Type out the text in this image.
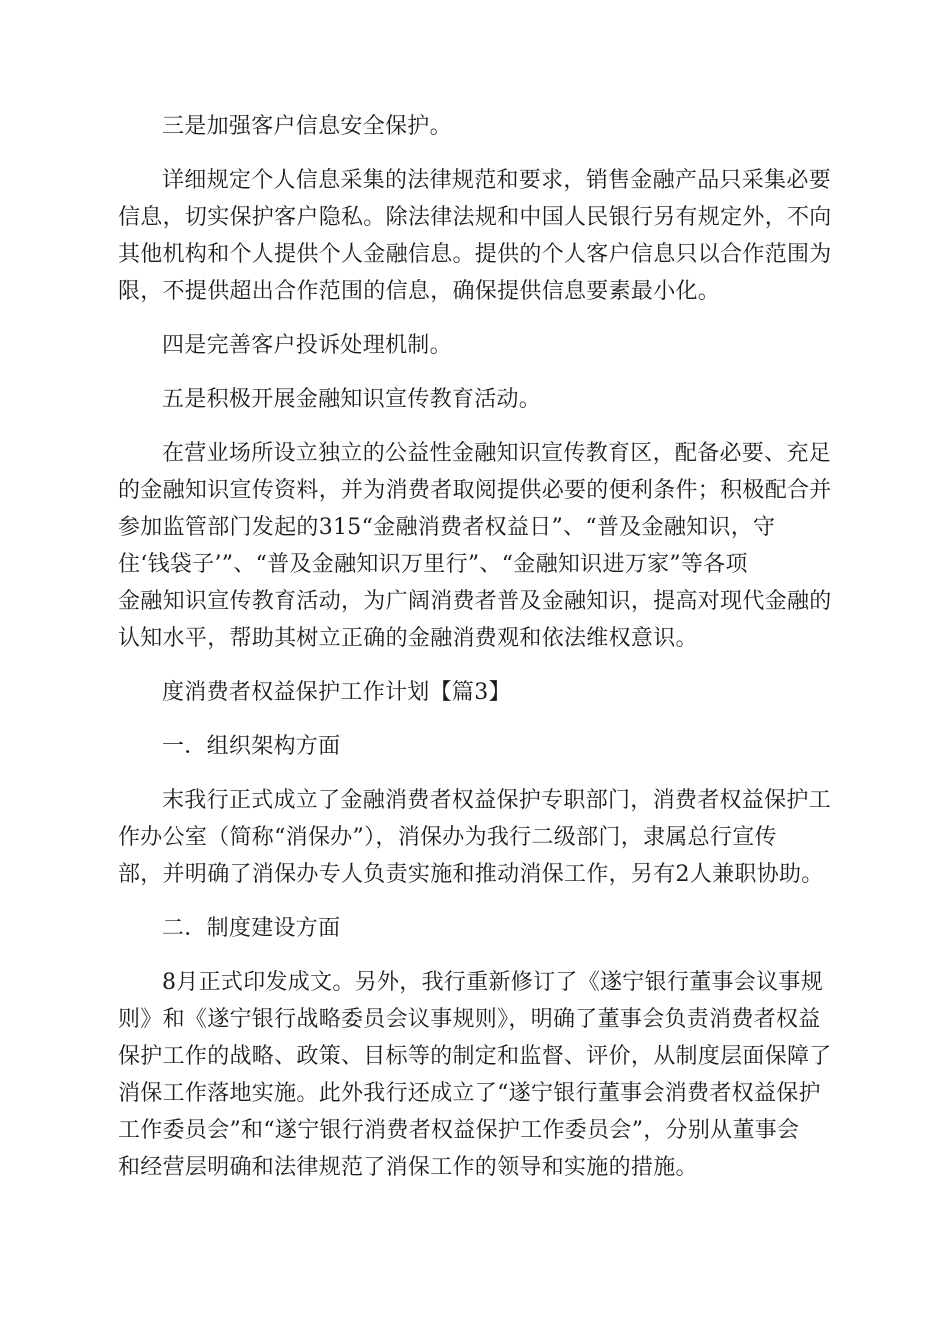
三是加强客户信息安全保护。
详细规定个人信息采集的法律规范和要求，销售金融产品只采集必要
信息，切实保护客户隐私。除法律法规和中国人民银行另有规定外，不向
其他机构和个人提供个人金融信息。提供的个人客户信息只以合作范围为
限，不提供超出合作范围的信息，确保提供信息要素最小化。
四是完善客户投诉处理机制。
五是积极开展金融知识宣传教育活动。
在营业场所设立独立的公益性金融知识宣传教育区，配备必要、充足
的金融知识宣传资料，并为消费者取阅提供必要的便利条件；积极配合并
参加监管部门发起的315“金融消费者权益日”、“普及金融知识，守
住‘钱袋子’”、“普及金融知识万里行”、“金融知识进万家”等各项
金融知识宣传教育活动，为广阔消费者普及金融知识，提高对现代金融的
认知水平，帮助其树立正确的金融消费观和依法维权意识。
度消费者权益保护工作计划【篇3】
一．组织架构方面
末我行正式成立了金融消费者权益保护专职部门，消费者权益保护工
作办公室（简称“消保办”），消保办为我行二级部门，隶属总行宣传
部，并明确了消保办专人负责实施和推动消保工作，另有2人兼职协助。
二．制度建设方面
8月正式印发成文。另外，我行重新修订了《遂宁银行董事会议事规
则》和《遂宁银行战略委员会议事规则》，明确了董事会负责消费者权益
保护工作的战略、政策、目标等的制定和监督、评价，从制度层面保障了
消保工作落地实施。此外我行还成立了“遂宁银行董事会消费者权益保护
工作委员会”和“遂宁银行消费者权益保护工作委员会”，分别从董事会
和经营层明确和法律规范了消保工作的领导和实施的措施。
